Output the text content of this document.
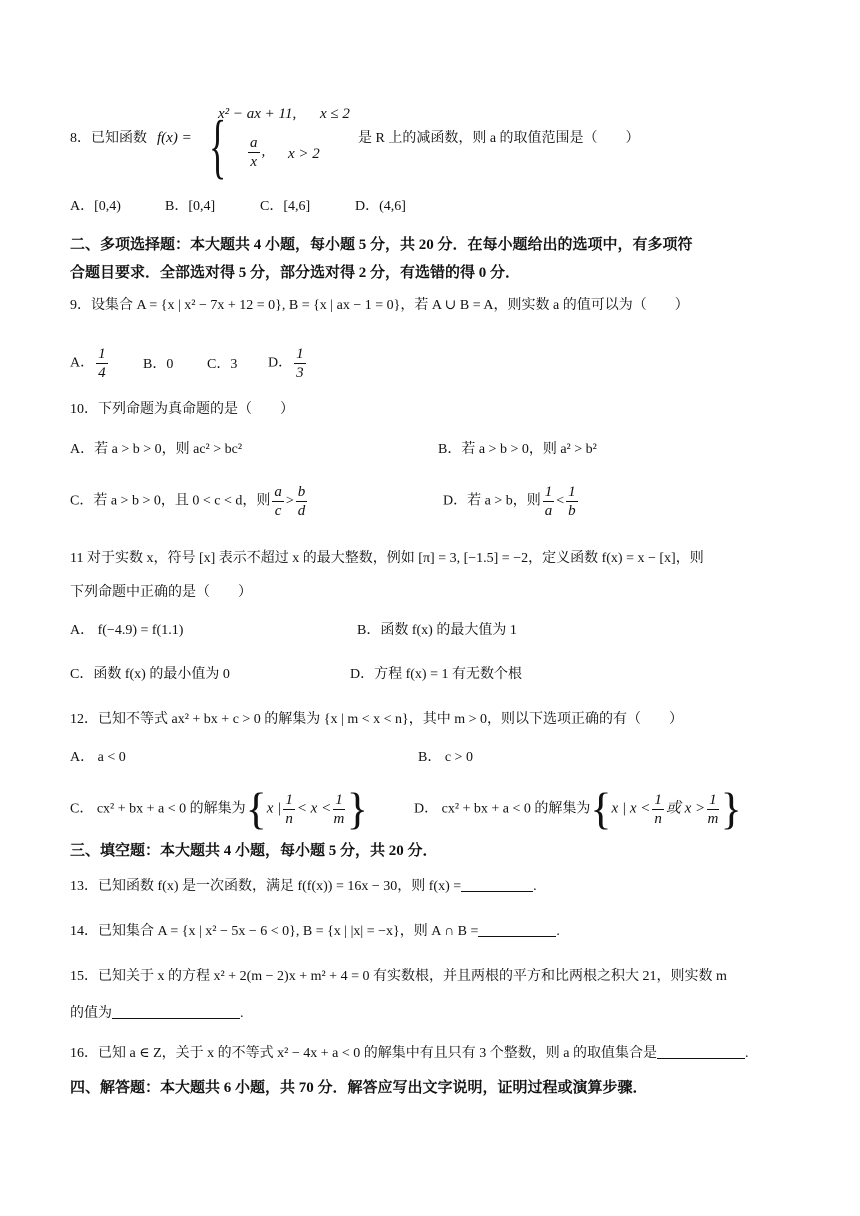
8．已知函数 f(x) = {
x² − ax + 11, x ≤ 2
$\frac{a}{x}$ , x > 2
是 R 上的减函数，则 a 的取值范围是（　　）
A．[0,4)	B．[0,4]	C．[4,6]	D．(4,6]
二、多项选择题：本大题共 4 小题，每小题 5 分，共 20 分．在每小题给出的选项中，有多项符
合题目要求．全部选对得 5 分，部分选对得 2 分，有选错的得 0 分．
9．设集合 A = {x | x² − 7x + 12 = 0}, B = {x | ax − 1 = 0}，若 A ∪ B = A，则实数 a 的值可以为（　　）
A． $\frac{1}{4}$	B．0 C．3 D． $\frac{1}{3}$
10．下列命题为真命题的是（　　）
A．若 a > b > 0，则 ac² > bc²	B．若 a > b > 0，则 a² > b²
C．若 a > b > 0，且 0 < c < d，则 $\frac{a}{c} > \frac{b}{d}$	D．若 a > b，则 $\frac{1}{a} < \frac{1}{b}$
11 对于实数 x，符号 [x] 表示不超过 x 的最大整数，例如 [π] = 3, [−1.5] = −2，定义函数 f(x) = x − [x]，则
下列命题中正确的是（　　）
A． f(−4.9) = f(1.1)	B．函数 f(x) 的最大值为 1
C．函数 f(x) 的最小值为 0	D．方程 f(x) = 1 有无数个根
12．已知不等式 ax² + bx + c > 0 的解集为 {x | m < x < n}，其中 m > 0，则以下选项正确的有（　　）
A． a < 0	B． c > 0
C． cx² + bx + a < 0 的解集为{x | $\frac{1}{n} < x < \frac{1}{m}$ }	D． cx² + bx + a < 0 的解集为{x | $x < \frac{1}{n}$ 或 $x > \frac{1}{m}$ }
三、填空题：本大题共 4 小题，每小题 5 分，共 20 分．
13．已知函数 f(x) 是一次函数，满足 f(f(x)) = 16x − 30，则 f(x) =	.
14．已知集合 A = {x | x² − 5x − 6 < 0}, B = {x | |x| = −x}，则 A ∩ B =	.
15．已知关于 x 的方程 x² + 2(m − 2)x + m² + 4 = 0 有实数根，并且两根的平方和比两根之积大 21，则实数 m
的值为	.
16．已知 a ∈ Z，关于 x 的不等式 x² − 4x + a < 0 的解集中有且只有 3 个整数，则 a 的取值集合是	.
四、解答题：本大题共 6 小题，共 70 分．解答应写出文字说明，证明过程或演算步骤．
